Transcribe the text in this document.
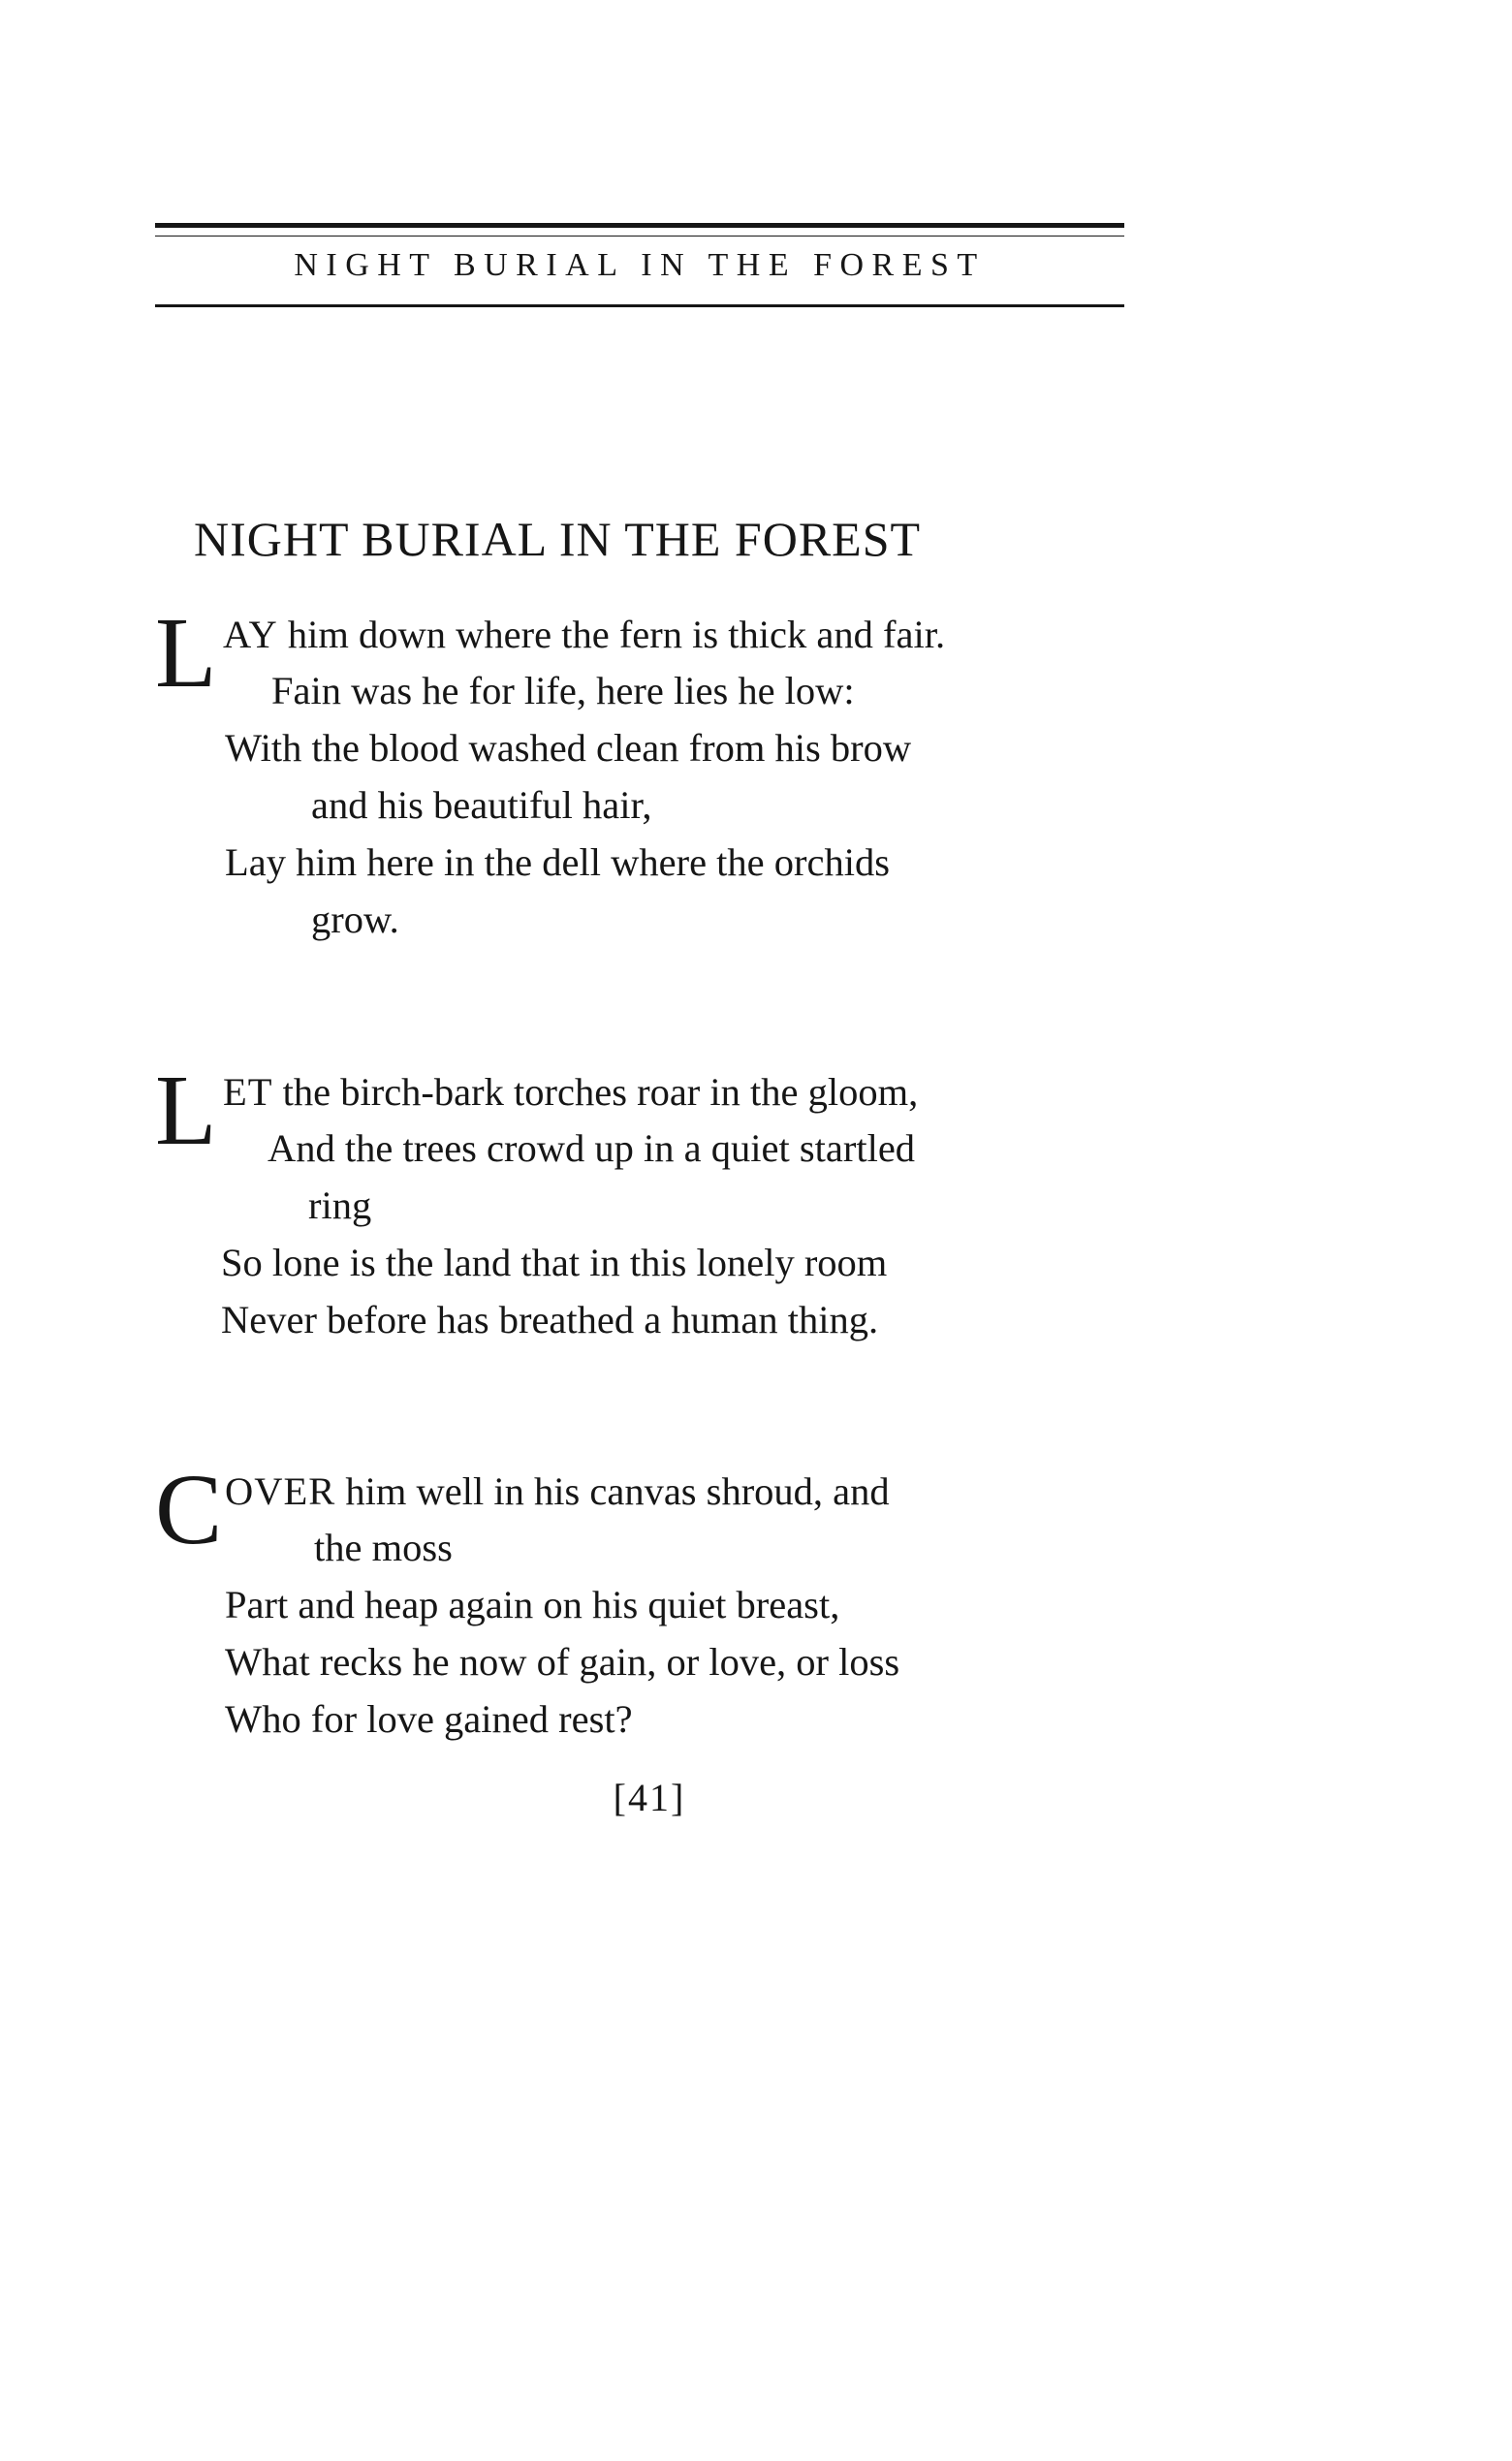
NIGHT BURIAL IN THE FOREST
NIGHT BURIAL IN THE FOREST
L AY him down where the fern is thick and fair.
Fain was he for life, here lies he low:
With the blood washed clean from his brow
and his beautiful hair,
Lay him here in the dell where the orchids
grow.
L ET the birch-bark torches roar in the gloom,
And the trees crowd up in a quiet startled
ring
So lone is the land that in this lonely room
Never before has breathed a human thing.
C OVER him well in his canvas shroud, and
the moss
Part and heap again on his quiet breast,
What recks he now of gain, or love, or loss
Who for love gained rest?
[41]
